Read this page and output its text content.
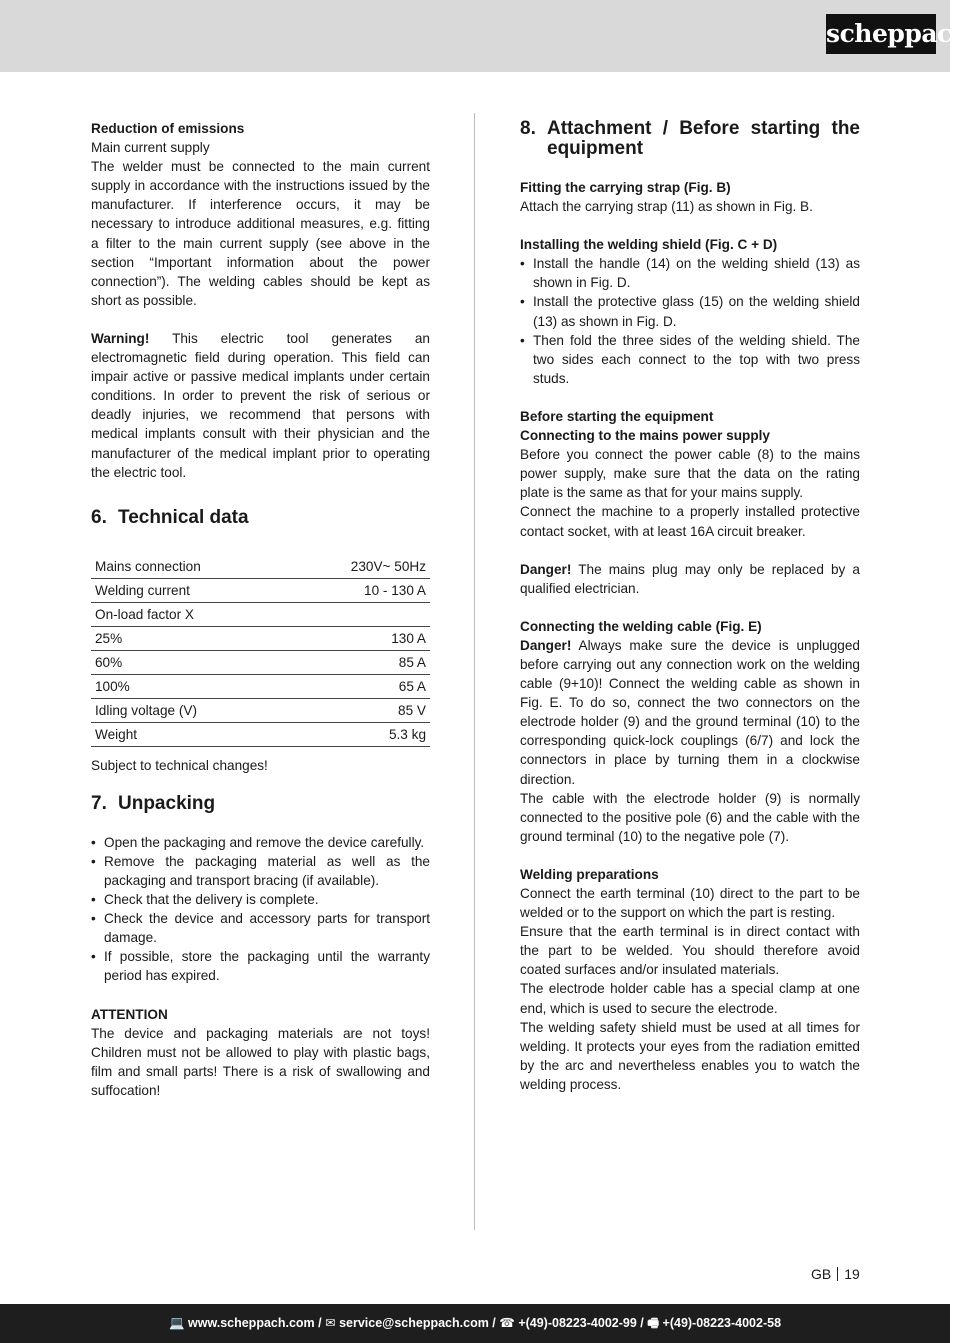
scheppach

Reduction of emissions

Main current supply

The welder must be connected to the main current supply in accordance with the instructions issued by the manufacturer. If interference occurs, it may be necessary to introduce additional measures, e.g. fitting a filter to the main current supply (see above in the section “Important information about the power connection”). The welding cables should be kept as short as possible.

Warning! This electric tool generates an electromagnetic field during operation. This field can impair active or passive medical implants under certain conditions. In order to prevent the risk of serious or deadly injuries, we recommend that persons with medical implants consult with their physician and the manufacturer of the medical implant prior to operating the electric tool.

6. Technical data
Mains connection	230V~ 50Hz
Welding current	10 - 130 A
On-load factor X	
25%	130 A
60%	85 A
100%	65 A
Idling voltage (V)	85 V
Weight	5.3 kg

Subject to technical changes!

7. Unpacking
• Open the packaging and remove the device carefully.
• Remove the packaging material as well as the packaging and transport bracing (if available).
• Check that the delivery is complete.
• Check the device and accessory parts for transport damage.
• If possible, store the packaging until the warranty period has expired.

ATTENTION

The device and packaging materials are not toys! Children must not be allowed to play with plastic bags, film and small parts! There is a risk of swallowing and suffocation!

8. Attachment / Before starting the equipment

Fitting the carrying strap (Fig. B)

Attach the carrying strap (11) as shown in Fig. B.

Installing the welding shield (Fig. C + D)

• Install the handle (14) on the welding shield (13) as shown in Fig. D.
• Install the protective glass (15) on the welding shield (13) as shown in Fig. D.
• Then fold the three sides of the welding shield. The two sides each connect to the top with two press studs.

Before starting the equipment

Connecting to the mains power supply

Before you connect the power cable (8) to the mains power supply, make sure that the data on the rating plate is the same as that for your mains supply.

Connect the machine to a properly installed protective contact socket, with at least 16A circuit breaker.

Danger! The mains plug may only be replaced by a qualified electrician.

Connecting the welding cable (Fig. E)

Danger! Always make sure the device is unplugged before carrying out any connection work on the welding cable (9+10)! Connect the welding cable as shown in Fig. E. To do so, connect the two connectors on the electrode holder (9) and the ground terminal (10) to the corresponding quick-lock couplings (6/7) and lock the connectors in place by turning them in a clockwise direction.

The cable with the electrode holder (9) is normally connected to the positive pole (6) and the cable with the ground terminal (10) to the negative pole (7).

Welding preparations

Connect the earth terminal (10) direct to the part to be welded or to the support on which the part is resting.

Ensure that the earth terminal is in direct contact with the part to be welded. You should therefore avoid coated surfaces and/or insulated materials.

The electrode holder cable has a special clamp at one end, which is used to secure the electrode.

The welding safety shield must be used at all times for welding. It protects your eyes from the radiation emitted by the arc and nevertheless enables you to watch the welding process.

GB 19
💻 www.scheppach.com / ✉ service@scheppach.com / ☎ +(49)-08223-4002-99 / 🖷 +(49)-08223-4002-58
